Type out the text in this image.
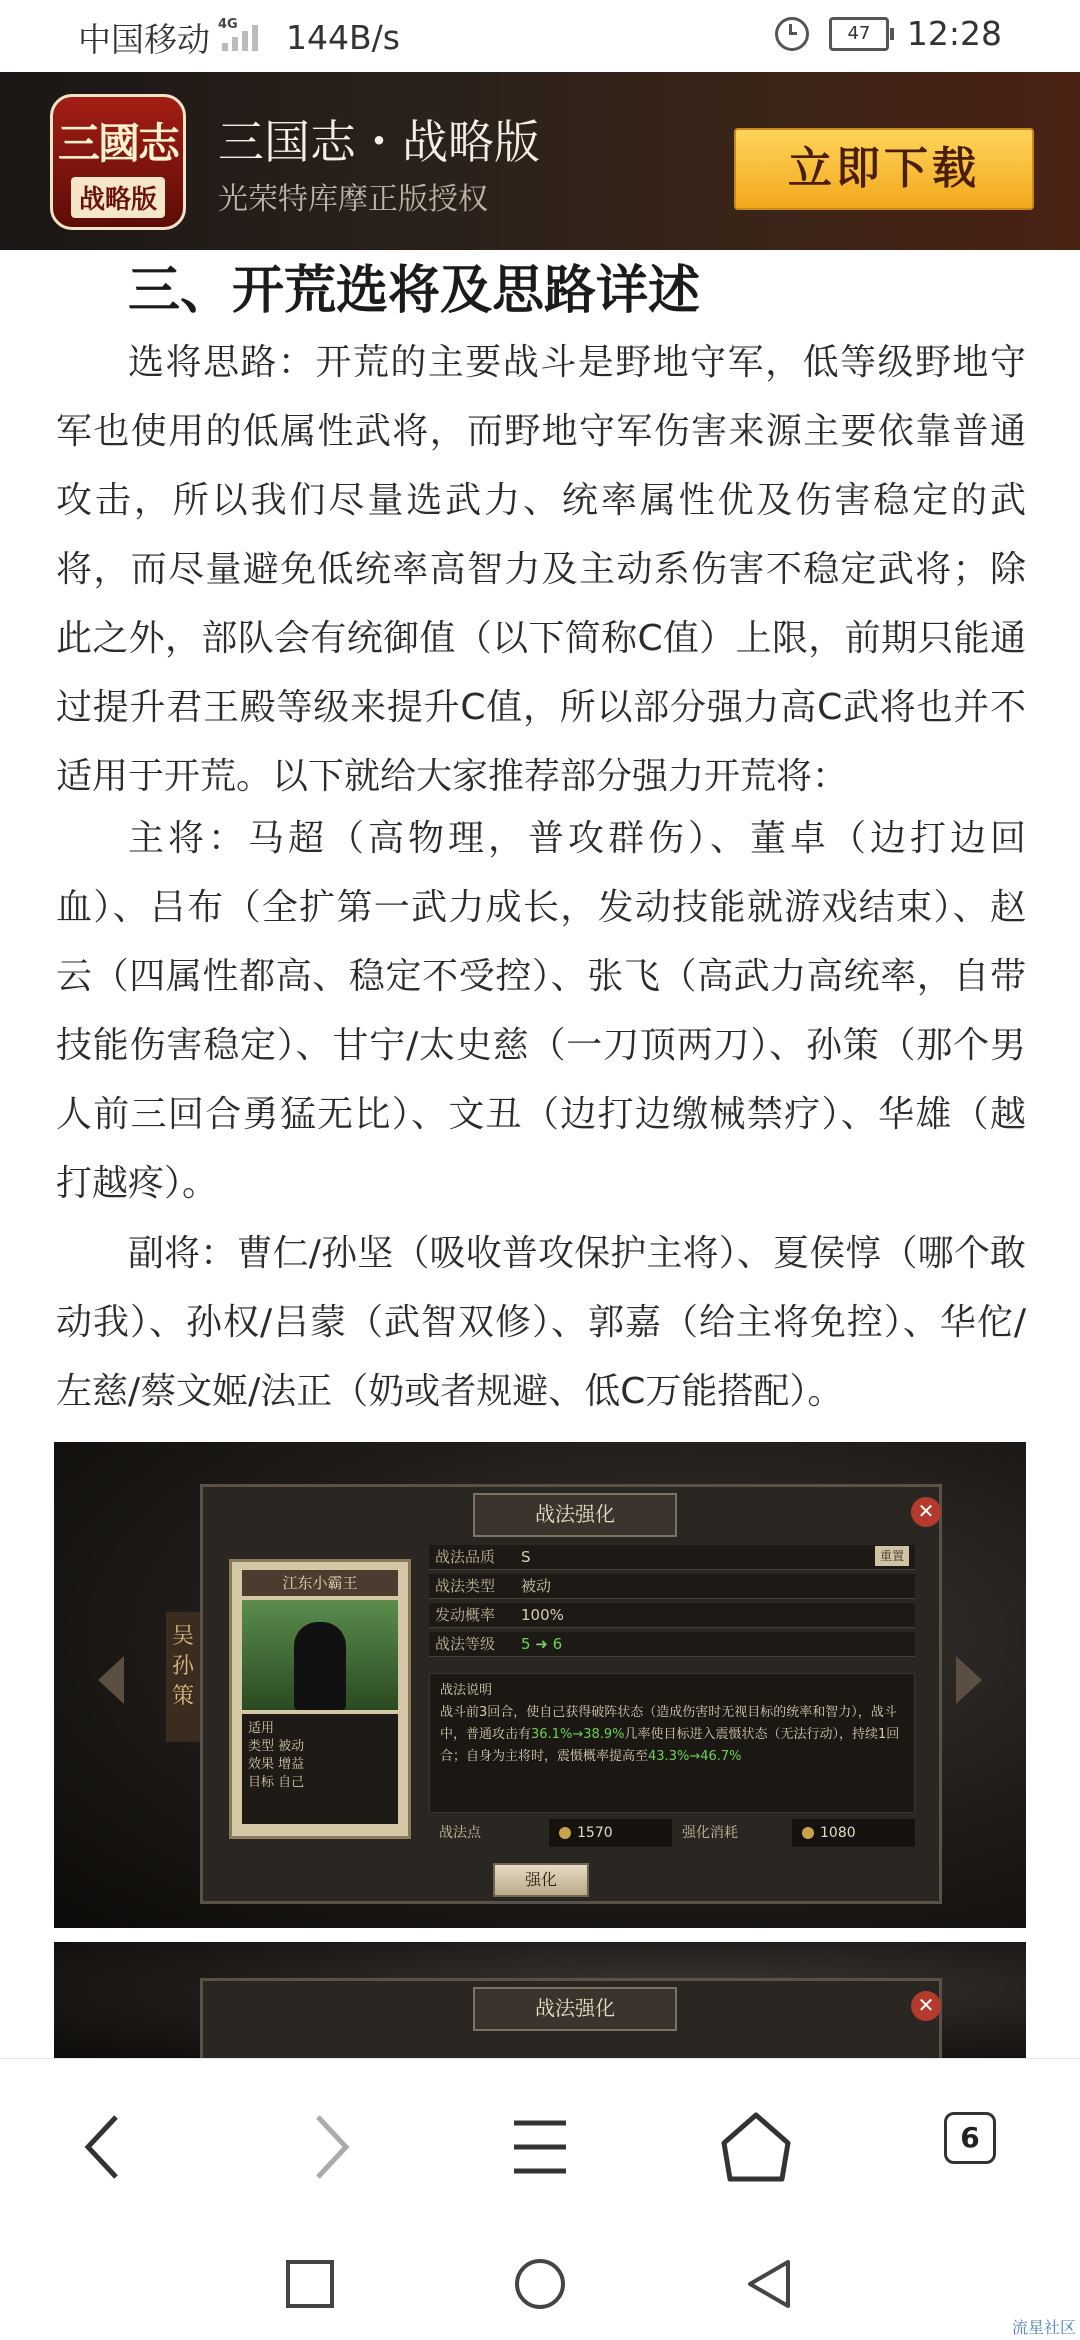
中国移动 4G 144B/s	47	12:28
三國志
战略版
三国志・战略版
光荣特库摩正版授权
立即下载
三、开荒选将及思路详述

选将思路：开荒的主要战斗是野地守军，低等级野地守军也使用的低属性武将，而野地守军伤害来源主要依靠普通攻击，所以我们尽量选武力、统率属性优及伤害稳定的武将，而尽量避免低统率高智力及主动系伤害不稳定武将；除此之外，部队会有统御值（以下简称C值）上限，前期只能通过提升君王殿等级来提升C值，所以部分强力高C武将也并不适用于开荒。以下就给大家推荐部分强力开荒将：

主将：马超（高物理，普攻群伤）、董卓（边打边回血）、吕布（全扩第一武力成长，发动技能就游戏结束）、赵云（四属性都高、稳定不受控）、张飞（高武力高统率，自带技能伤害稳定）、甘宁/太史慈（一刀顶两刀）、孙策（那个男人前三回合勇猛无比）、文丑（边打边缴械禁疗）、华雄（越打越疼）。

副将：曹仁/孙坚（吸收普攻保护主将）、夏侯惇（哪个敢动我）、孙权/吕蒙（武智双修）、郭嘉（给主将免控）、华佗/左慈/蔡文姬/法正（奶或者规避、低C万能搭配）。

吴 孙策
战法强化	✕
江东小霸王
适用
类型 被动
效果 增益
目标 自己
战法品质	S	重置
战法类型	被动
发动概率	100%
战法等级	5 ➜ 6
战法说明
战斗前3回合，使自己获得破阵状态（造成伤害时无视目标的统率和智力），战斗中，普通攻击有36.1%→38.9%几率使目标进入震慑状态（无法行动），持续1回合；自身为主将时，震慑概率提高至43.3%→46.7%
战法点	1570	强化消耗	1080
强化
战法强化	✕
6
流星社区
